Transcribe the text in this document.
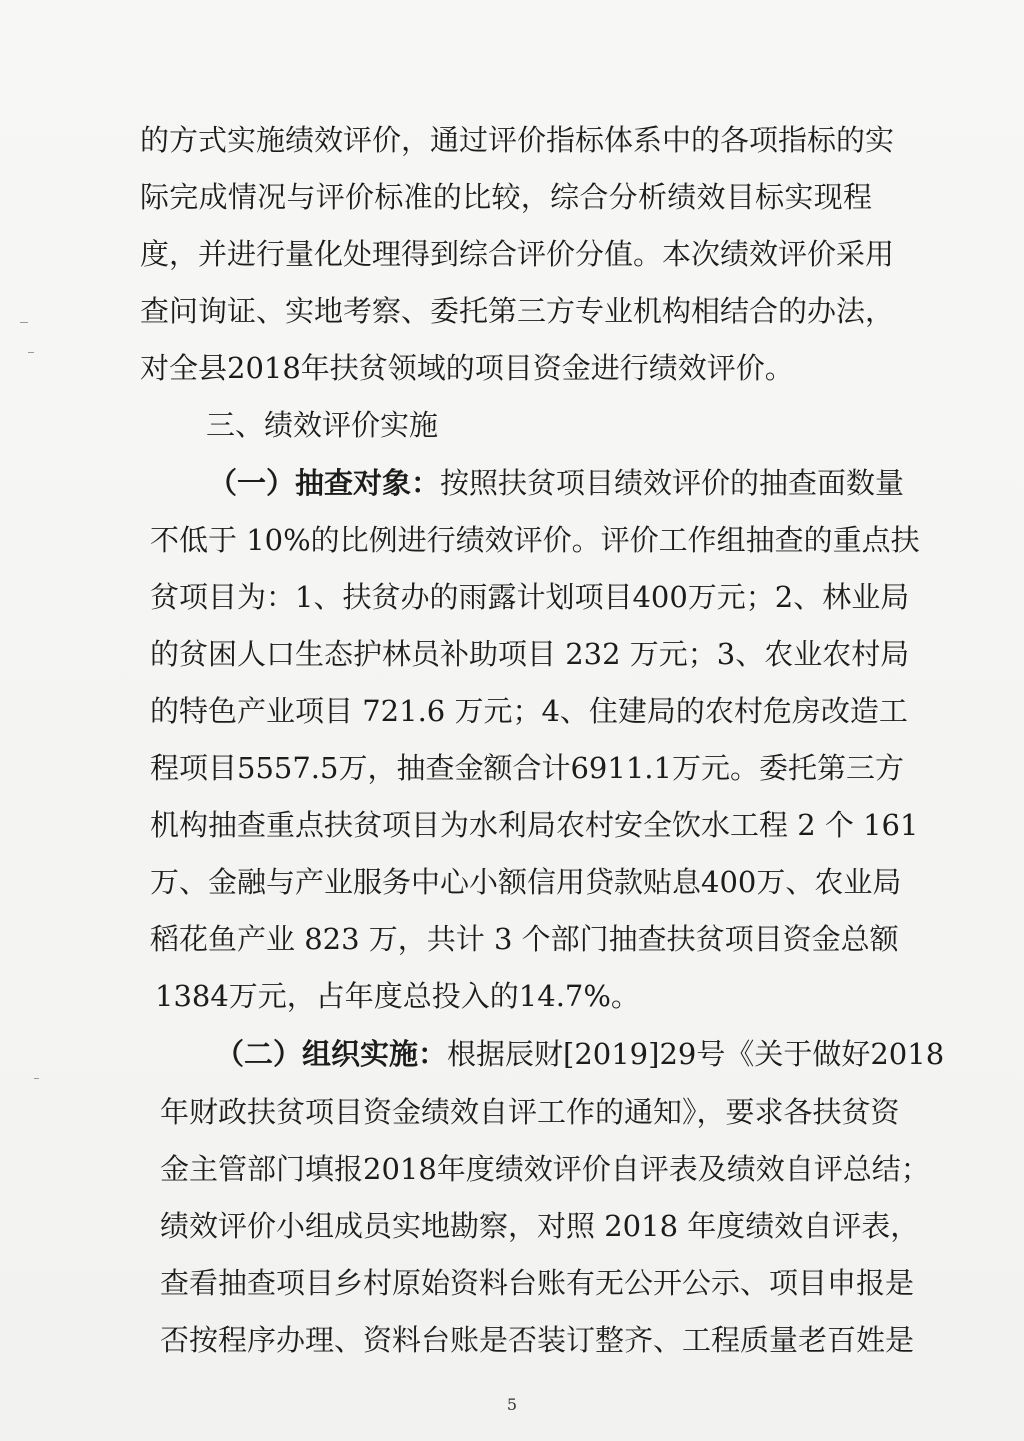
的方式实施绩效评价，通过评价指标体系中的各项指标的实
际完成情况与评价标准的比较，综合分析绩效目标实现程
度，并进行量化处理得到综合评价分值。本次绩效评价采用
查问询证、实地考察、委托第三方专业机构相结合的办法，
对全县2018年扶贫领域的项目资金进行绩效评价。
三、绩效评价实施
（一）抽查对象：按照扶贫项目绩效评价的抽查面数量
不低于 10%的比例进行绩效评价。评价工作组抽查的重点扶
贫项目为：1、扶贫办的雨露计划项目400万元；2、林业局
的贫困人口生态护林员补助项目 232 万元；3、农业农村局
的特色产业项目 721.6 万元；4、住建局的农村危房改造工
程项目5557.5万，抽查金额合计6911.1万元。委托第三方
机构抽查重点扶贫项目为水利局农村安全饮水工程 2 个 161
万、金融与产业服务中心小额信用贷款贴息400万、农业局
稻花鱼产业 823 万，共计 3 个部门抽查扶贫项目资金总额
1384万元，占年度总投入的14.7%。
（二）组织实施：根据辰财[2019]29号《关于做好2018
年财政扶贫项目资金绩效自评工作的通知》，要求各扶贫资
金主管部门填报2018年度绩效评价自评表及绩效自评总结；
绩效评价小组成员实地勘察，对照 2018 年度绩效自评表，
查看抽查项目乡村原始资料台账有无公开公示、项目申报是
否按程序办理、资料台账是否装订整齐、工程质量老百姓是
5
